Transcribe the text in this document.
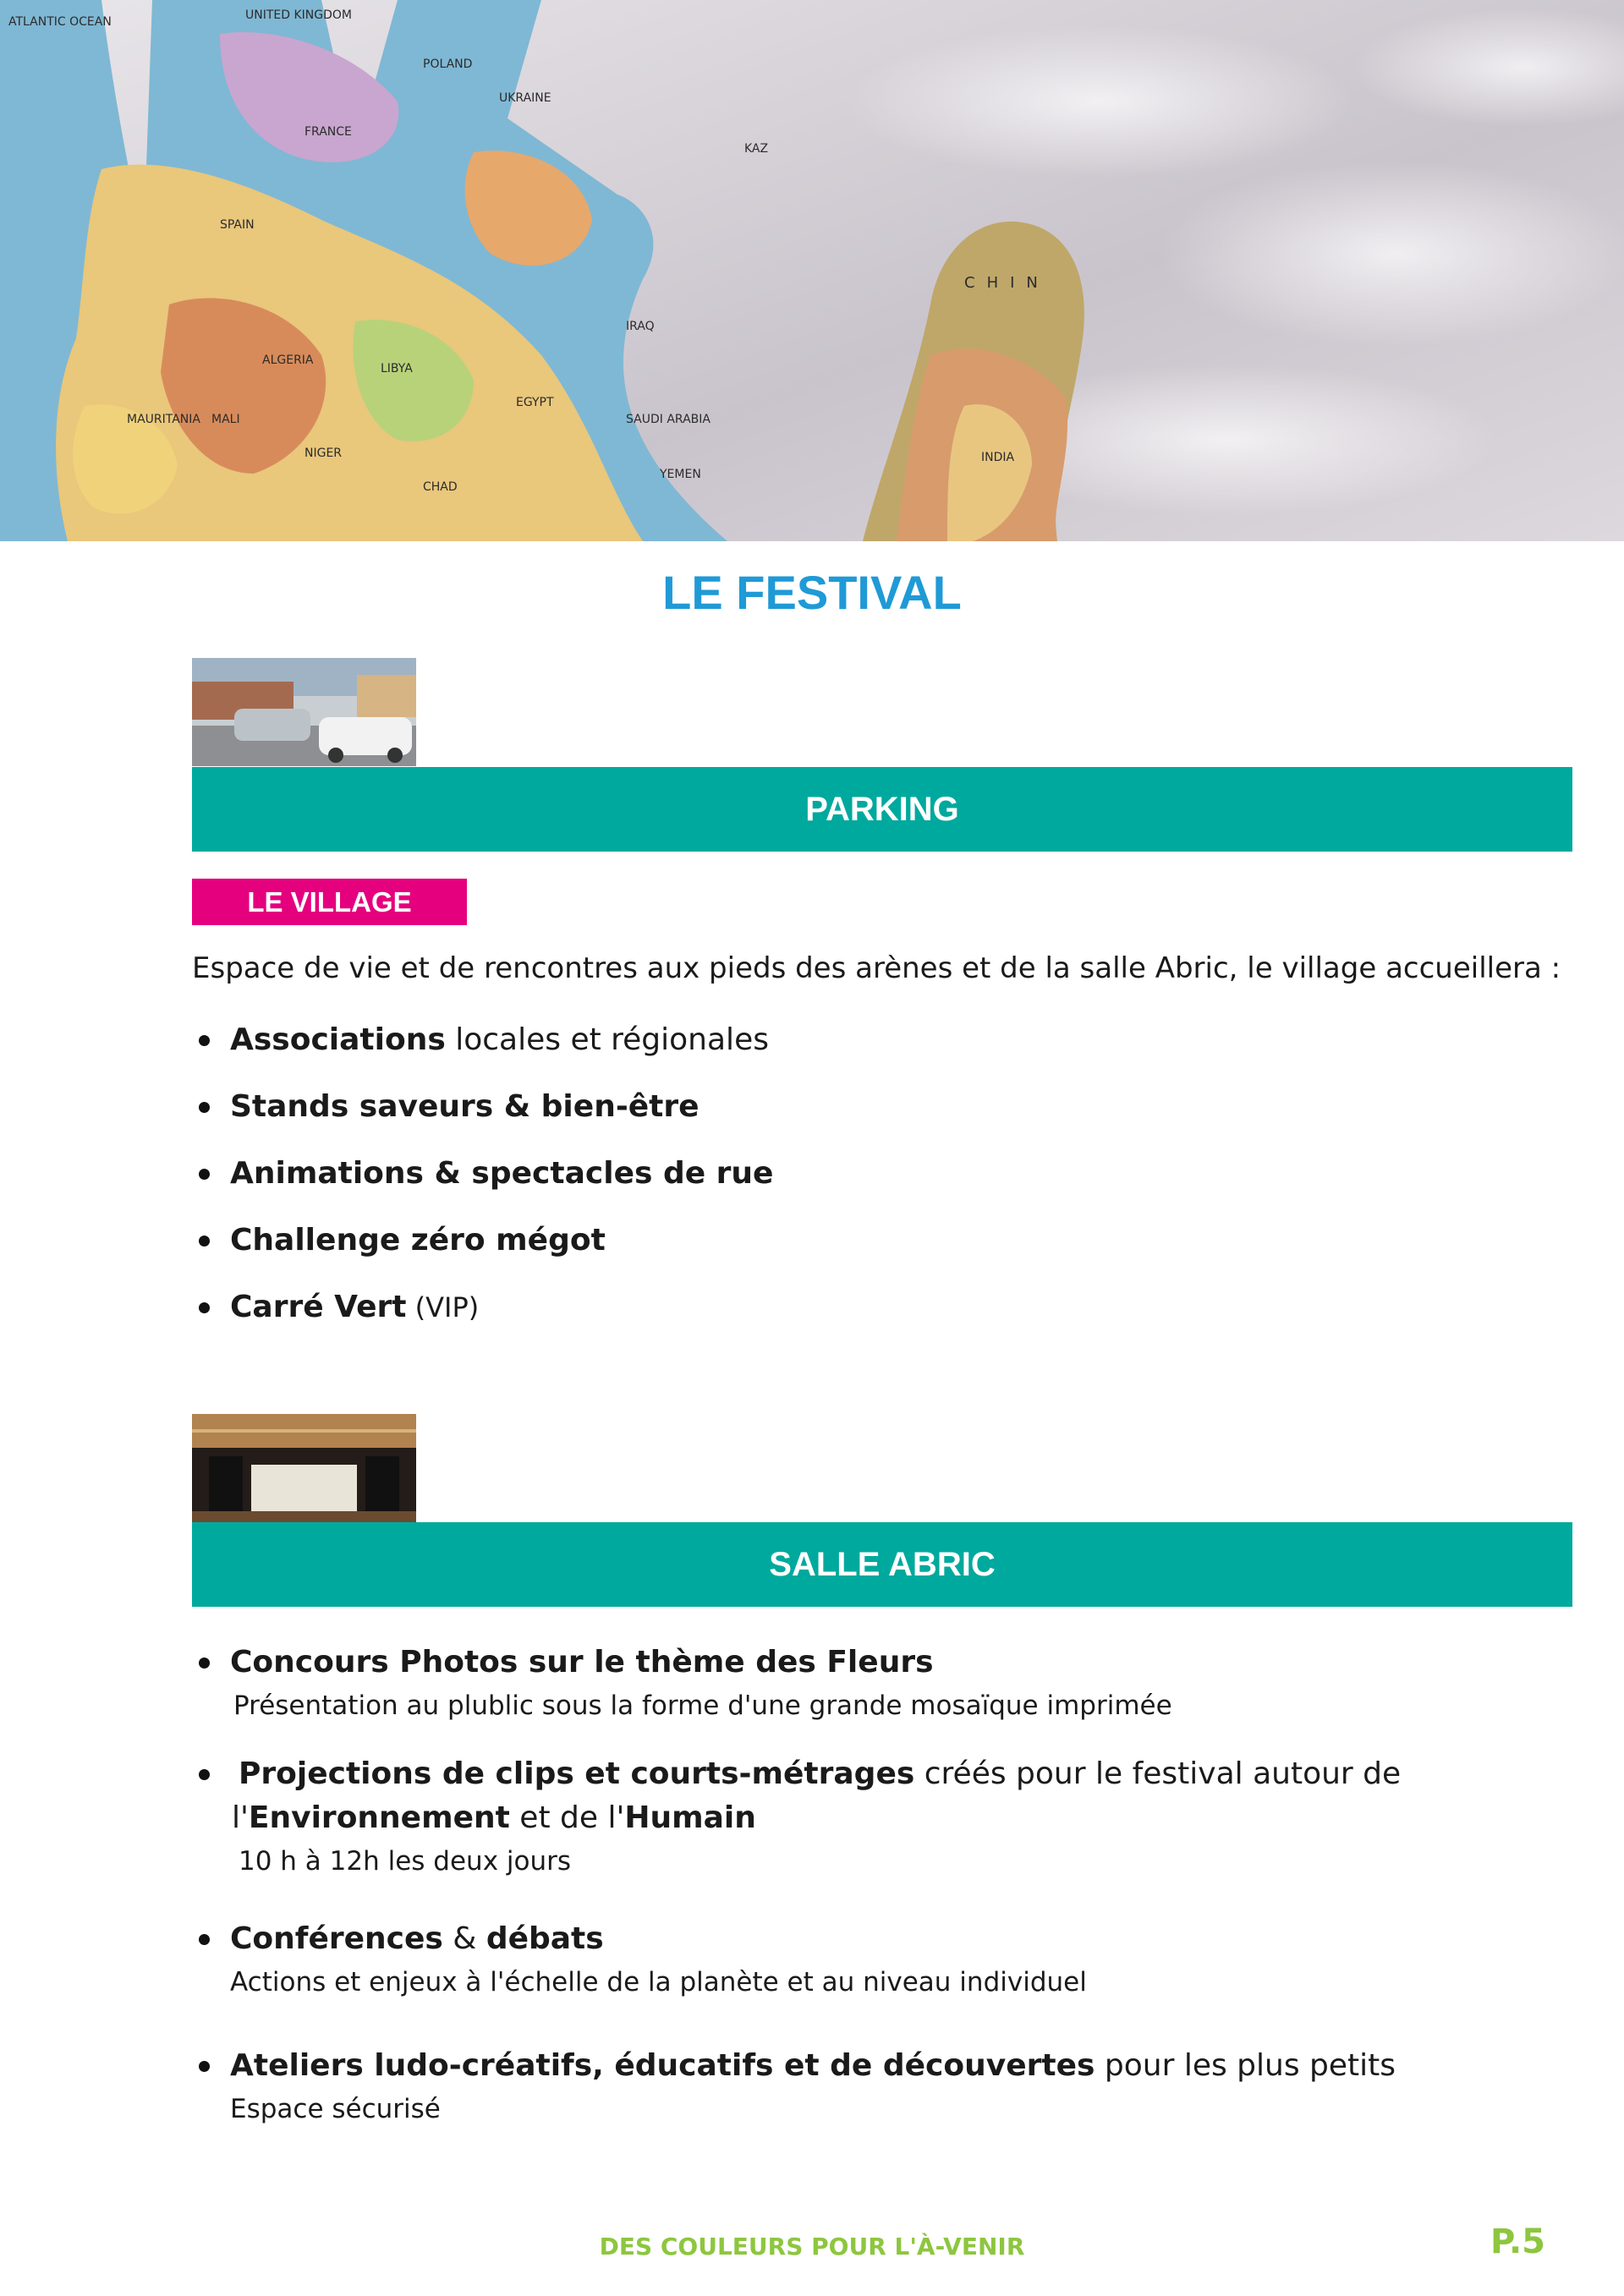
ATLANTIC OCEAN	UNITED KINGDOM
POLAND
UKRAINE
FRANCE
SPAIN
ALGERIA
LIBYA
EGYPT
SAUDI ARABIA
MAURITANIA MALI
NIGER
CHAD
YEMEN
IRAQ
KAZ
CHIN
INDIA
LE FESTIVAL
PARKING
LE VILLAGE
Espace de vie et de rencontres aux pieds des arènes et de la salle Abric, le village accueillera :
Associations locales et régionales
Stands saveurs & bien-être
Animations & spectacles de rue
Challenge zéro mégot
Carré Vert (VIP)
SALLE ABRIC
Concours Photos sur le thème des Fleurs
Présentation au plublic sous la forme d'une grande mosaïque imprimée
Projections de clips et courts-métrages créés pour le festival autour de
l'Environnement et de l'Humain
10 h à 12h les deux jours
Conférences & débats
Actions et enjeux à l'échelle de la planète et au niveau individuel
Ateliers ludo-créatifs, éducatifs et de découvertes pour les plus petits
Espace sécurisé
DES COULEURS POUR L'À-VENIR	P.5
